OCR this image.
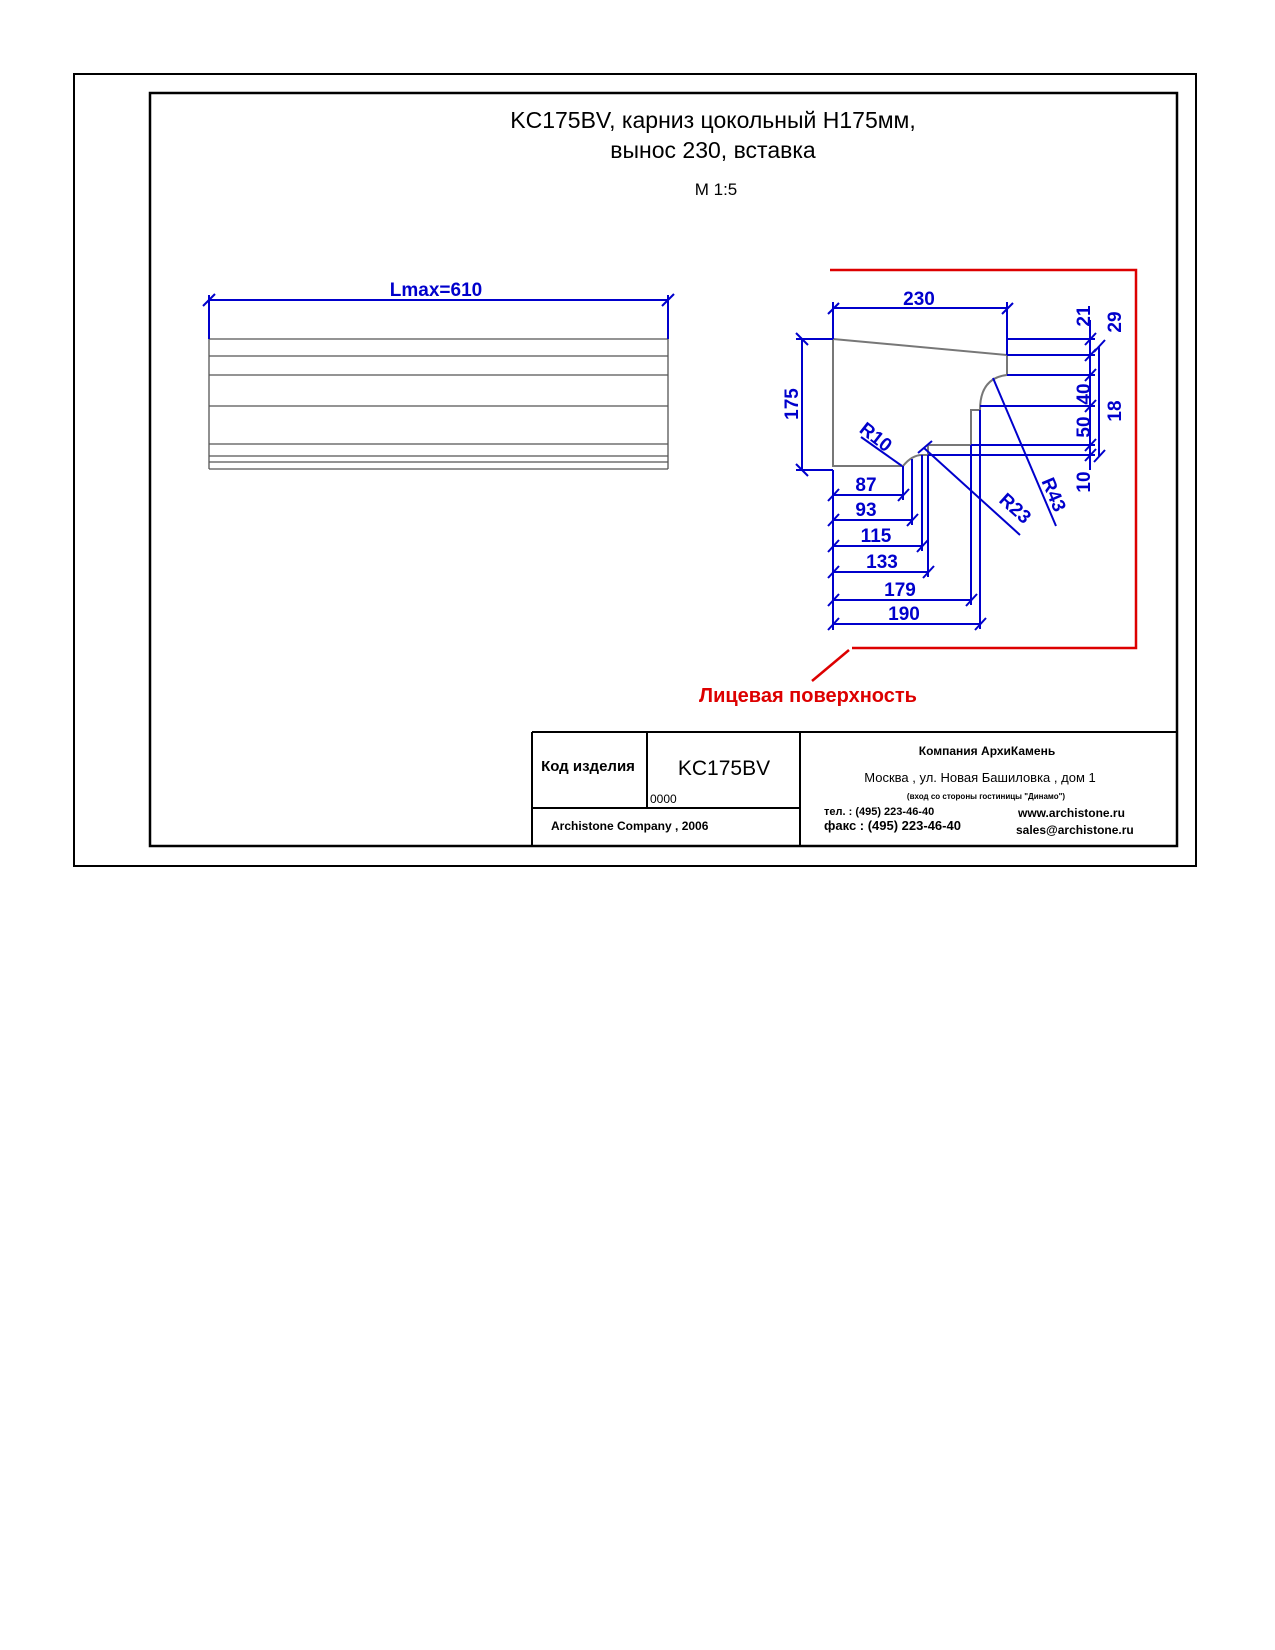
KC175BV, карниз цокольный H175мм,
вынос 230, вставка
М 1:5
Lmax=610
Лицевая поверхность
230
175
21 29
40
50
18
10
R10
R23 R43
87
93
115
133
179
190
Код изделия KC175BV
0000
Archistone Company , 2006
Компания АрхиКамень
Москва , ул. Новая Башиловка , дом 1
(вход со стороны гостиницы "Динамо")
тел. : (495) 223-46-40
факс : (495) 223-46-40
www.archistone.ru
sales@archistone.ru
